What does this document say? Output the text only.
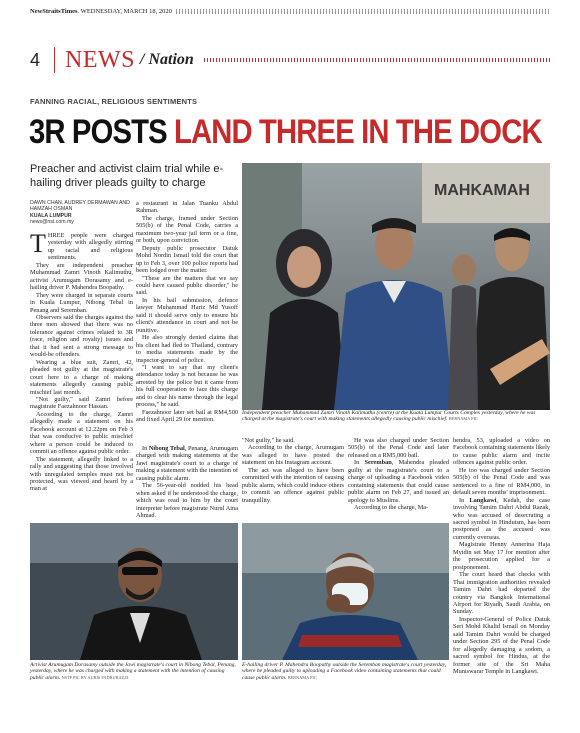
NewStraitsTimes . WEDNESDAY, MARCH 18, 2020
4	NEWS / Nation
FANNING RACIAL, RELIGIOUS SENTIMENTS
3R POSTS LAND THREE IN THE DOCK
Preacher and activist claim trial while e-hailing driver pleads guilty to charge
DAWN CHAN, AUDREY DERMAWAN AND HAMZAH OSMAN
KUALA LUMPUR
news@nst.com.my
T HREE people were charged yesterday with allegedly stirring up racial and religious sentiments.

They are independent preacher Muhammad Zamri Vinoth Kalimuthu, activist Arumugam Dorasamy and e-hailing driver P. Mahendra Boopathy.

They were charged in separate courts in Kuala Lumpur, Nibong Tebal in Penang and Seremban.

Observers said the charges against the three men showed that there was no tolerance against crimes related to 3R (race, religion and royalty) issues and that it had sent a strong message to would-be offenders.

Wearing a blue suit, Zamri, 42, pleaded not guilty at the magistrate's court here to a charge of making statements allegedly causing public mischief last month.

"Not guilty," said Zamri before magistrate Faezahnoor Hassan.

According to the charge, Zamri allegedly made a statement on his Facebook account at 12.22pm on Feb 3 that was conducive to public mischief where a person could be induced to commit an offence against public order.

The statement, allegedly linked to a rally and suggesting that those involved with unregulated temples must not be protected, was viewed and heard by a man at

a restaurant in Jalan Tuanku Abdul Rahman.

The charge, framed under Section 505(b) of the Penal Code, carries a maximum two-year jail term or a fine, or both, upon conviction.

Deputy public prosecutor Datuk Mohd Nordin Ismail told the court that up to Feb 3, over 100 police reports had been lodged over the matter.

"These are the matters that we say could have caused public disorder," he said.

In his bail submission, defence lawyer Muhammad Hariz Md Yusoff said it should serve only to ensure his client's attendance in court and not be punitive.

He also strongly denied claims that his client had fled to Thailand, contrary to media statements made by the inspector-general of police.

"I want to say that my client's attendance today is not because he was arrested by the police but it came from his full cooperation to face this charge and to clear his name through the legal process," he said.

Faezahnoor later set bail at RM4,500 and fixed April 29 for mention.

In Nibong Tebal, Penang, Arumugam charged with making statements at the Jawi magistrate's court to a charge of making a statement with the intention of causing public alarm.

The 56-year-old nodded his head when asked if he understood the charge, which was read to him by the court interpreter before magistrate Nurul Aina Ahmad.

MAHKAMAH
Independent preacher Muhammad Zamri Vinoth Kalimuthu (centre) at the Kuala Lumpur Courts Complex yesterday, where he was charged at the magistrate's court with making statements allegedly causing public mischief. BERNAMA PIC

"Not guilty," he said.

According to the charge, Arumugam was alleged to have posted the statement on his Instagram account.

The act was alleged to have been committed with the intention of causing public alarm, which could induce others to commit an offence against public tranquillity.

He was also charged under Section 505(b) of the Penal Code and later released on a RM5,000 bail.

In Seremban, Mahendra pleaded guilty at the magistrate's court to a charge of uploading a Facebook video containing statements that could cause public alarm on Feb 27, and issued an apology to Muslims.

According to the charge, Ma-

hendra, 53, uploaded a video on Facebook containing statements likely to cause public alarm and incite offences against public order.

He too was charged under Section 505(b) of the Penal Code and was sentenced to a fine of RM4,000, in default seven months' imprisonment.

In Langkawi, Kedah, the case involving Tamim Dahri Abdul Razak, who was accused of desecrating a sacred symbol in Hinduism, has been postponed as the accused was currently overseas.

Magistrate Henny Annerina Haja Myidin set May 17 for mention after the prosecution applied for a postponement.

The court heard that checks with Thai immigration authorities revealed Tamim Dahri had departed the country via Bangkok International Airport for Riyadh, Saudi Arabia, on Sunday.

Inspector-General of Police Datuk Seri Mohd Khalid Ismail on Monday said Tamim Dahri would be charged under Section 295 of the Penal Code for allegedly damaging a sodom, a sacred symbol for Hindus, at the former site of the Sri Maha Muniswarar Temple in Langkawi.

Activist Arumugam Dorasamy outside the Jawi magistrate's court in Nibong Tebal, Penang, yesterday, where he was charged with making a statement with the intention of causing public alarm. NSTP PIC BY AURIS FADRURAZZI
E-hailing driver P. Mahendra Boopathy outside the Seremban magistrate's court yesterday, where he pleaded guilty to uploading a Facebook video containing statements that could cause public alarm. BERNAMA PIC
